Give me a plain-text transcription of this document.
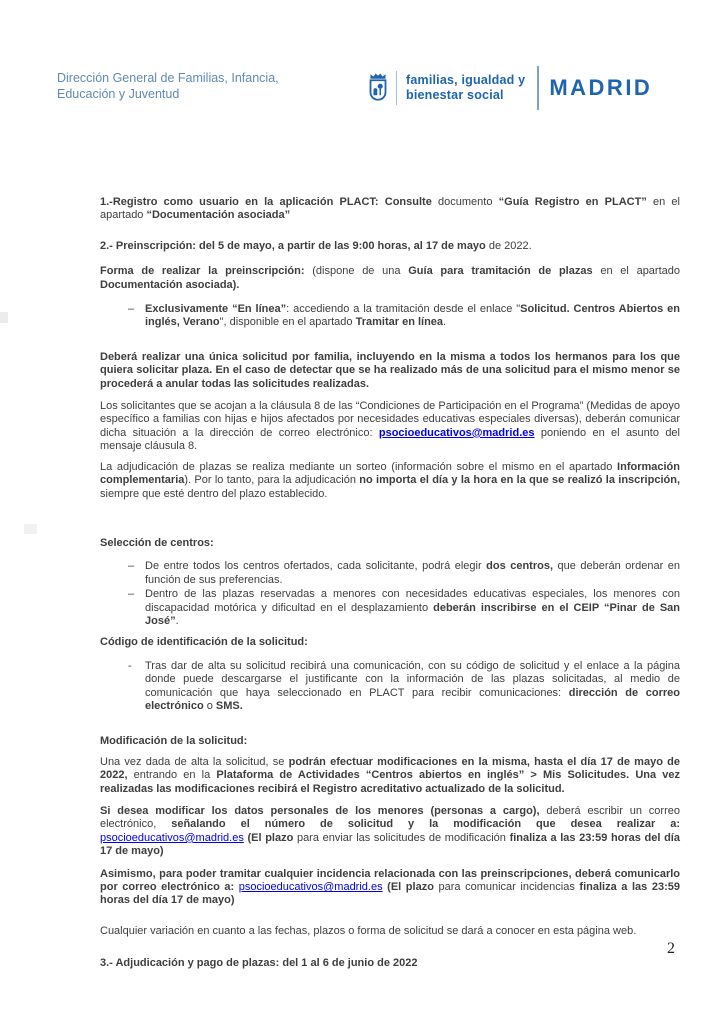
Dirección General de Familias, Infancia,
Educación y Juventud
familias, igualdad y
bienestar social	MADRID

1.-Registro como usuario en la aplicación PLACT: Consulte documento “Guía Registro en PLACT” en el apartado “Documentación asociada”

2.- Preinscripción: del 5 de mayo, a partir de las 9:00 horas, al 17 de mayo de 2022.

Forma de realizar la preinscripción: (dispone de una Guía para tramitación de plazas en el apartado Documentación asociada).

– Exclusivamente “En línea”: accediendo a la tramitación desde el enlace "Solicitud. Centros Abiertos en inglés, Verano", disponible en el apartado Tramitar en línea.

Deberá realizar una única solicitud por familia, incluyendo en la misma a todos los hermanos para los que quiera solicitar plaza. En el caso de detectar que se ha realizado más de una solicitud para el mismo menor se procederá a anular todas las solicitudes realizadas.

Los solicitantes que se acojan a la cláusula 8 de las “Condiciones de Participación en el Programa” (Medidas de apoyo específico a familias con hijas e hijos afectados por necesidades educativas especiales diversas), deberán comunicar dicha situación a la dirección de correo electrónico: psocioeducativos@madrid.es poniendo en el asunto del mensaje cláusula 8.

La adjudicación de plazas se realiza mediante un sorteo (información sobre el mismo en el apartado Información complementaria). Por lo tanto, para la adjudicación no importa el día y la hora en la que se realizó la inscripción, siempre que esté dentro del plazo establecido.

Selección de centros:

– De entre todos los centros ofertados, cada solicitante, podrá elegir dos centros, que deberán ordenar en función de sus preferencias.
– Dentro de las plazas reservadas a menores con necesidades educativas especiales, los menores con discapacidad motórica y dificultad en el desplazamiento deberán inscribirse en el CEIP “Pinar de San José”.

Código de identificación de la solicitud:

-	Tras dar de alta su solicitud recibirá una comunicación, con su código de solicitud y el enlace a la página donde puede descargarse el justificante con la información de las plazas solicitadas, al medio de comunicación que haya seleccionado en PLACT para recibir comunicaciones: dirección de correo electrónico o SMS.

Modificación de la solicitud:

Una vez dada de alta la solicitud, se podrán efectuar modificaciones en la misma, hasta el día 17 de mayo de 2022, entrando en la Plataforma de Actividades “Centros abiertos en inglés” > Mis Solicitudes. Una vez realizadas las modificaciones recibirá el Registro acreditativo actualizado de la solicitud.

Si desea modificar los datos personales de los menores (personas a cargo), deberá escribir un correo electrónico, señalando el número de solicitud y la modificación que desea realizar a: psocioeducativos@madrid.es (El plazo para enviar las solicitudes de modificación finaliza a las 23:59 horas del día 17 de mayo)

Asimismo, para poder tramitar cualquier incidencia relacionada con las preinscripciones, deberá comunicarlo por correo electrónico a: psocioeducativos@madrid.es (El plazo para comunicar incidencias finaliza a las 23:59 horas del día 17 de mayo)

Cualquier variación en cuanto a las fechas, plazos o forma de solicitud se dará a conocer en esta página web.

3.- Adjudicación y pago de plazas: del 1 al 6 de junio de 2022

2
